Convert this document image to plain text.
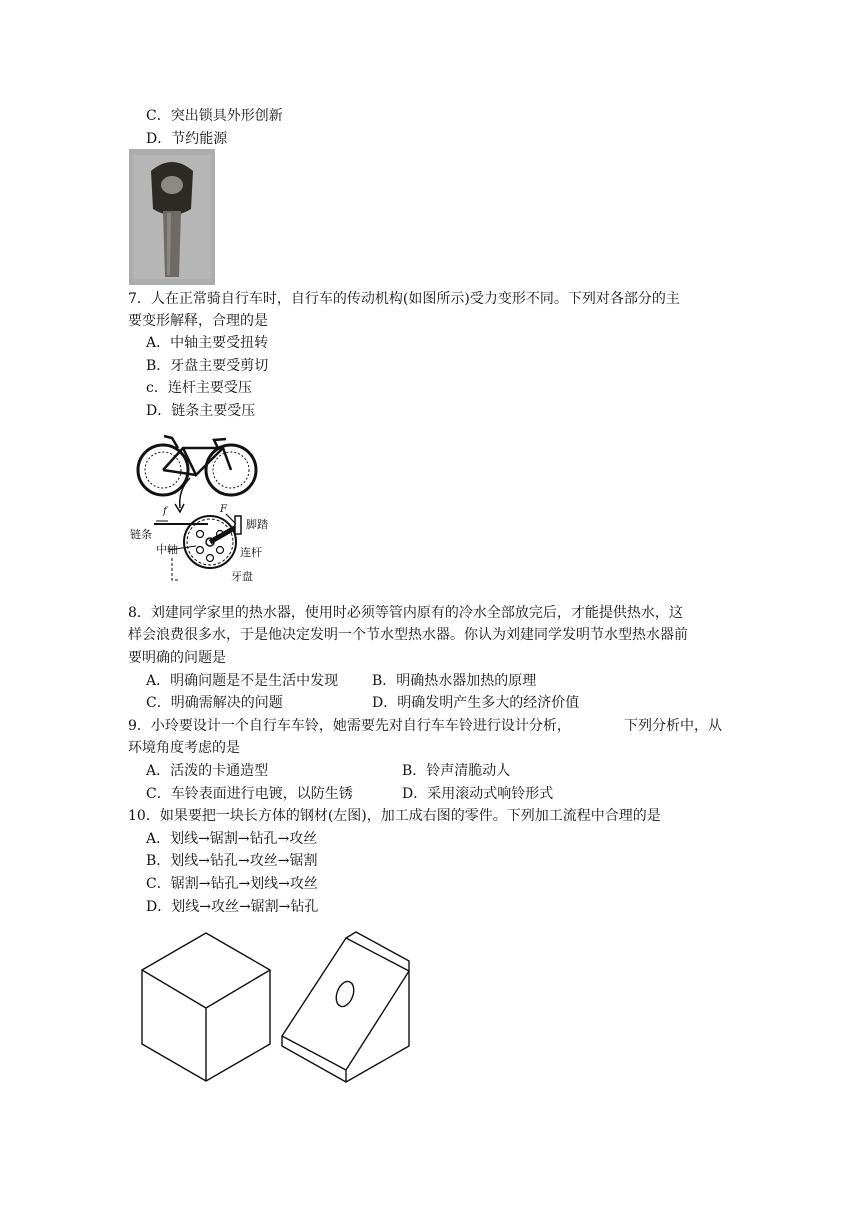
C．突出锁具外形创新
D．节约能源
7．人在正常骑自行车时，自行车的传动机构(如图所示)受力变形不同。下列对各部分的主
要变形解释，合理的是
A．中轴主要受扭转
B．牙盘主要受剪切
c．连杆主要受压
D．链条主要受压
f	F
链条
中轴
脚踏
连杆
牙盘
8．刘建同学家里的热水器，使用时必须等管内原有的冷水全部放完后，才能提供热水，这
样会浪费很多水，于是他决定发明一个节水型热水器。你认为刘建同学发明节水型热水器前
要明确的问题是
A．明确问题是不是生活中发现 B．明确热水器加热的原理
C．明确需解决的问题	D．明确发明产生多大的经济价值
9．小玲要设计一个自行车车铃，她需要先对自行车车铃进行设计分析，	下列分析中，从
环境角度考虑的是
A．活泼的卡通造型	B．铃声清脆动人
C．车铃表面进行电镀，以防生锈	D．采用滚动式响铃形式
10．如果要把一块长方体的钢材(左图)，加工成右图的零件。下列加工流程中合理的是
A．划线→锯割→钻孔→攻丝
B．划线→钻孔→攻丝→锯割
C．锯割→钻孔→划线→攻丝
D．划线→攻丝→锯割→钻孔
